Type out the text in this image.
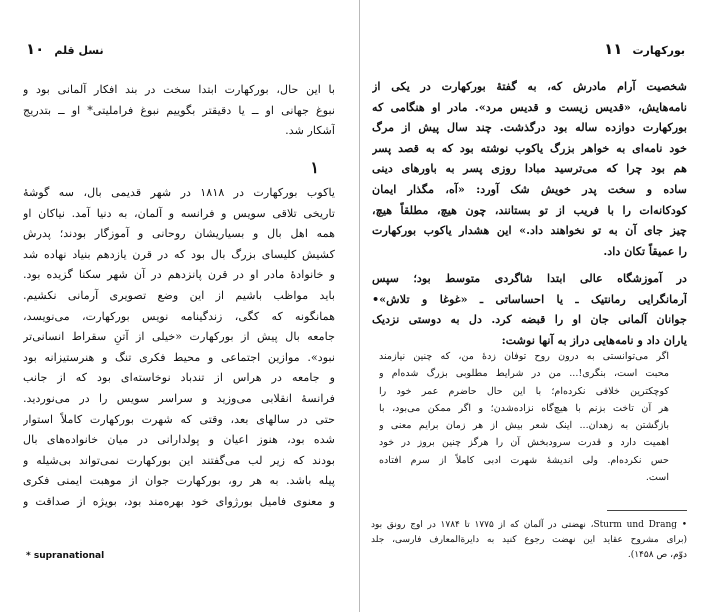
١٠ نسل قلم
با این حال، بورکهارت ابتدا سخت در بند افکار آلمانی بود و
نبوغ جهانی او ــ یا دقیقتر بگوییم نبوغ فراملیتی* او ــ بتدریج
آشکار شد.
١
یاکوب بورکهارت در ۱۸۱۸ در شهر قدیمی بال، سه گوشهٔ
تاریخی تلاقی سویس و فرانسه و آلمان، به دنیا آمد. نیاکان او
همه اهل بال و بسیاریشان روحانی و آموزگار بودند؛ پدرش
کشیش کلیسای بزرگ بال بود که در قرن یازدهم بنیاد نهاده شد
و خانوادهٔ مادر او در قرن پانزدهم در آن شهر سکنا گزیده بود.
باید مواظب باشیم از این وضع تصویری آرمانی نکشیم.
همانگونه که کگی، زندگینامه نویس بورکهارت، می‌نویسد،
جامعه بال پیش از بورکهارت «خیلی از آتنِ سقراط انسانی‌تر
نبود». موازین اجتماعی و محیط فکری تنگ و هنرستیزانه بود
و جامعه در هراس از تندباد نوخاسته‌ای بود که از جانب
فرانسهٔ انقلابی می‌وزید و سراسر سویس را در می‌نوردید.
حتی در سالهای بعد، وقتی که شهرت بورکهارت کاملاً استوار
شده بود، هنوز اعیان و پولدارانی در میان خانواده‌های بال
بودند که زیر لب می‌گفتند این بورکهارت نمی‌تواند بی‌شیله و
پیله باشد. به هر رو، بورکهارت جوان از موهبت ایمنی فکری
و معنوی فامیل بورژوای خود بهره‌مند بود، بویژه از صداقت و
* supranational
بورکهارت
١١
شخصیت آرام مادرش که، به گفتهٔ بورکهارت در یکی از
نامه‌هایش، «قدیس زیست و قدیس مرد». مادر او هنگامی که
بورکهارت دوازده ساله بود درگذشت. چند سال پیش از مرگ
خود نامه‌ای به خواهر بزرگ یاکوب نوشته بود که به قصد پسر
هم بود چرا که می‌ترسید مبادا روزی پسر به باورهای دینی
ساده و سخت پدر خویش شک آورد: «آه، مگذار ایمان
کودکانه‌ات را با فریب از تو بستانند، چون هیچ، مطلقاً هیچ،
چیز جای آن به تو نخواهند داد.» این هشدار یاکوب بورکهارت
را عمیقاً تکان داد.
در آموزشگاه عالی ابتدا شاگردی متوسط بود؛ سپس
آرمانگرایی رمانتیک ـ یا احساساتی ـ «غوغا و تلاش»•
جوانان آلمانی جان او را قبضه کرد. دل به دوستی نزدیک
یاران داد و نامه‌هایی دراز به آنها نوشت:
اگر می‌توانستی به درون روح توفان زدهٔ من، که چنین نیازمند
محبت است، بنگری!... من در شرایط مطلوبی بزرگ شده‌ام و
کوچکترین خلافی نکرده‌ام؛ با این حال حاضرم عمر خود را
هر آن تاخت بزنم با هیچ‌گاه نزاده‌شدن؛ و اگر ممکن می‌بود، با
بازگشتن به زهدان... اینک شعر بیش از هر زمان برایم معنی و
اهمیت دارد و قدرت سرودبخش آن را هرگز چنین بروز در خود
حس نکرده‌ام. ولی اندیشهٔ شهرت ادبی کاملاً از سرم افتاده
است.
• Sturm und Drang، نهضتی در آلمان که از ۱۷۷۵ تا ۱۷۸۴ در اوج رونق بود
(برای مشروح عقاید این نهضت رجوع کنید به دایرة‌المعارف فارسی، جلد
دوّم، ص ۱۴۵۸).
